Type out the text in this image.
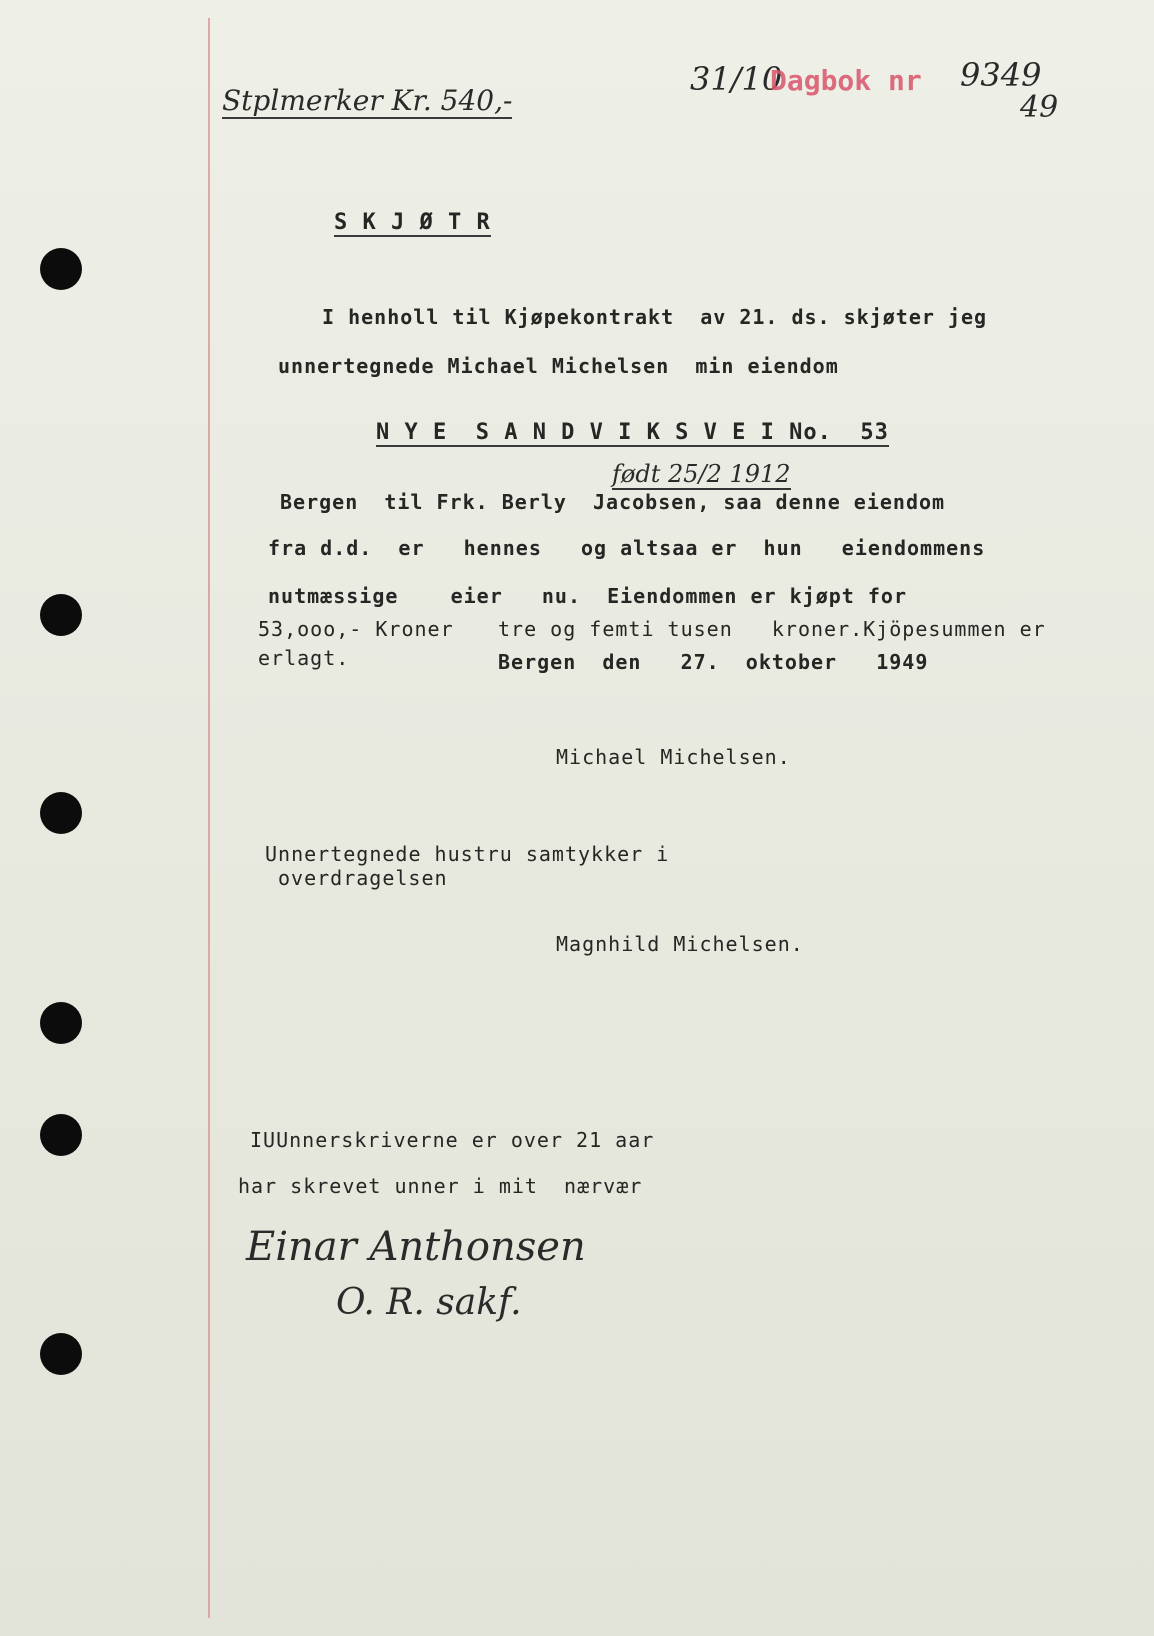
Stplmerker Kr. 540,-
31/10
Dagbok nr 9349
49
S K J Ø T R
I henholl til Kjøpekontrakt  av 21. ds. skjøter jeg
unnertegnede Michael Michelsen  min eiendom
N Y E  S A N D V I K S V E I No.  53
født 25/2 1912
Bergen  til Frk. Berly  Jacobsen, saa denne eiendom
fra d.d.  er   hennes   og altsaa er  hun   eiendommens
nutmæssige    eier   nu.  Eiendommen er kjøpt for
53,ooo,- Kroner tre og femti tusen   kroner.Kjöpesummen er
erlagt.	Bergen  den   27.  oktober   1949
Michael Michelsen.
Unnertegnede hustru samtykker i
overdragelsen
Magnhild Michelsen.
IUUnnerskriverne er over 21 aar
har skrevet unner i mit  nærvær
Einar Anthonsen
O. R. sakf.
